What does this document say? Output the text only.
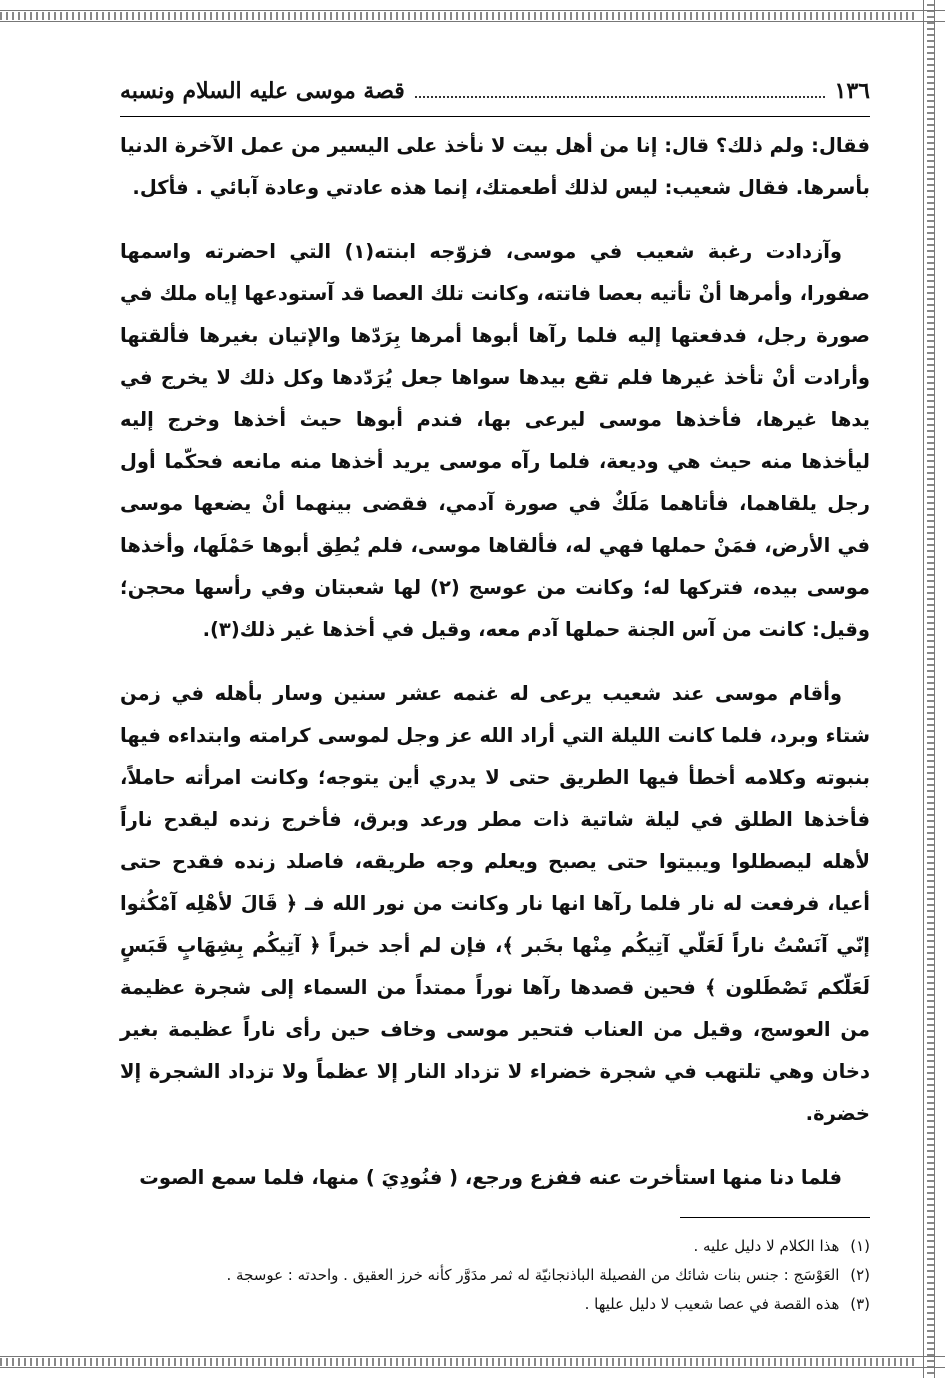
١٣٦
قصة موسى عليه السلام ونسبه

فقال: ولم ذلك؟ قال: إنا من أهل بيت لا نأخذ على اليسير من عمل الآخرة الدنيا بأسرها. فقال شعيب: ليس لذلك أطعمتك، إنما هذه عادتي وعادة آبائي . فأكل.

وآزدادت رغبة شعيب في موسى، فزوّجه ابنته(١) التي احضرته واسمها صفورا، وأمرها أنْ تأتيه بعصا فاتته، وكانت تلك العصا قد آستودعها إياه ملك في صورة رجل، فدفعتها إليه فلما رآها أبوها أمرها بِرَدّها والإتيان بغيرها فألقتها وأرادت أنْ تأخذ غيرها فلم تقع بيدها سواها جعل يُرَدّدها وكل ذلك لا يخرج في يدها غيرها، فأخذها موسى ليرعى بها، فندم أبوها حيث أخذها وخرج إليه ليأخذها منه حيث هي وديعة، فلما رآه موسى يريد أخذها منه مانعه فحكّما أول رجل يلقاهما، فأتاهما مَلَكٌ في صورة آدمي، فقضى بينهما أنْ يضعها موسى في الأرض، فمَنْ حملها فهي له، فألقاها موسى، فلم يُطِق أبوها حَمْلَها، وأخذها موسى بيده، فتركها له؛ وكانت من عوسج (٢) لها شعبتان وفي رأسها محجن؛ وقيل: كانت من آس الجنة حملها آدم معه، وقيل في أخذها غير ذلك(٣).

وأقام موسى عند شعيب يرعى له غنمه عشر سنين وسار بأهله في زمن شتاء وبرد، فلما كانت الليلة التي أراد الله عز وجل لموسى كرامته وابتداءه فيها بنبوته وكلامه أخطأ فيها الطريق حتى لا يدري أين يتوجه؛ وكانت امرأته حاملاً، فأخذها الطلق في ليلة شاتية ذات مطر ورعد وبرق، فأخرج زنده ليقدح ناراً لأهله ليصطلوا ويبيتوا حتى يصبح ويعلم وجه طريقه، فاصلد زنده فقدح حتى أعيا، فرفعت له نار فلما رآها انها نار وكانت من نور الله فـ ﴿ قَالَ لأهْلِه آمْكُثوا إنّي آنَسْتُ ناراً لَعَلّي آتِيكُم مِنْها بخَبر ﴾، فإن لم أجد خبراً ﴿ آتِيكُم بِشِهَابٍ قَبَسٍ لَعَلّكم تَصْطَلون ﴾ فحين قصدها رآها نوراً ممتداً من السماء إلى شجرة عظيمة من العوسج، وقيل من العناب فتحير موسى وخاف حين رأى ناراً عظيمة بغير دخان وهي تلتهب في شجرة خضراء لا تزداد النار إلا عظماً ولا تزداد الشجرة إلا خضرة.

فلما دنا منها استأخرت عنه ففزع ورجع، ( فنُودِيَ ) منها، فلما سمع الصوت

(١) هذا الكلام لا دليل عليه .

(٢) العَوْسَج : جنس بنات شائك من الفصيلة الباذنجانيّة له ثمر مدَوَّر كأنه خرز العقيق . واحدته : عوسجة .

(٣) هذه القصة في عصا شعيب لا دليل عليها .
